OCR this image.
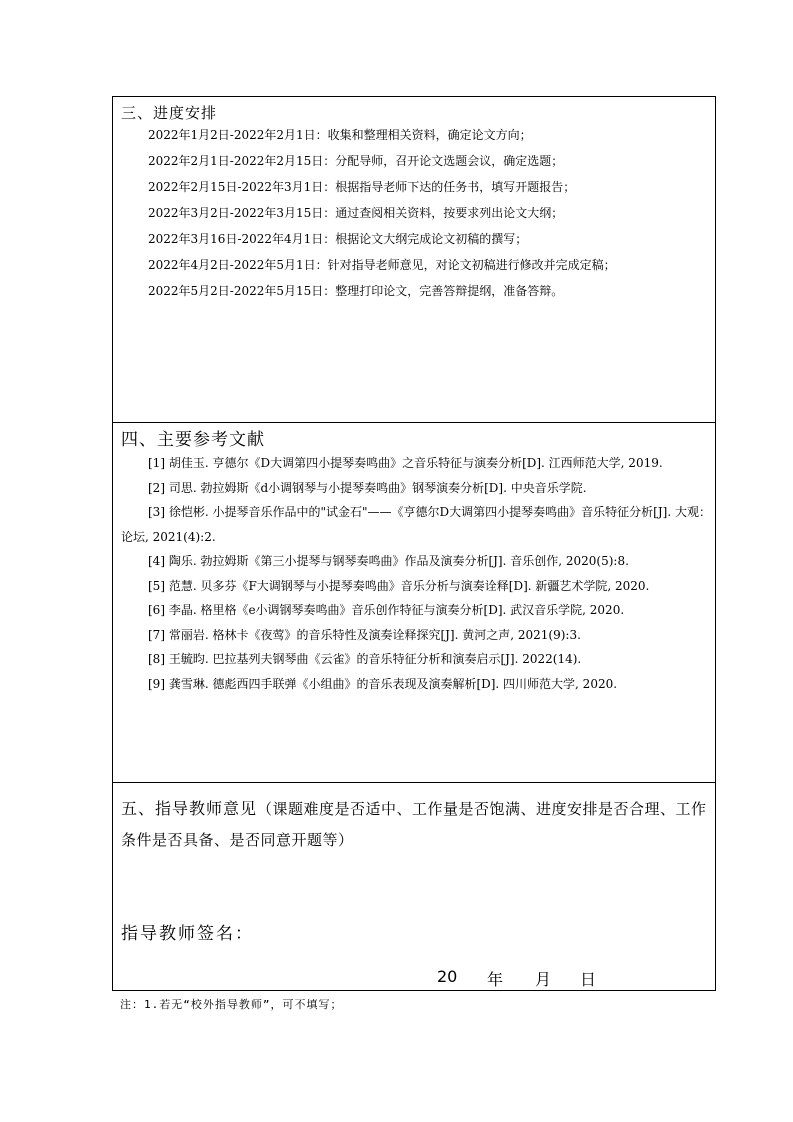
三、进度安排
2022年1月2日-2022年2月1日：收集和整理相关资料，确定论文方向；
2022年2月1日-2022年2月15日：分配导师，召开论文选题会议，确定选题；
2022年2月15日-2022年3月1日：根据指导老师下达的任务书，填写开题报告；
2022年3月2日-2022年3月15日：通过查阅相关资料，按要求列出论文大纲；
2022年3月16日-2022年4月1日：根据论文大纲完成论文初稿的撰写；
2022年4月2日-2022年5月1日：针对指导老师意见，对论文初稿进行修改并完成定稿；
2022年5月2日-2022年5月15日：整理打印论文，完善答辩提纲，准备答辩。
四、主要参考文献
[1] 胡佳玉. 亨德尔《D大调第四小提琴奏鸣曲》之音乐特征与演奏分析[D]. 江西师范大学, 2019.
[2] 司思. 勃拉姆斯《d小调钢琴与小提琴奏鸣曲》钢琴演奏分析[D]. 中央音乐学院.
[3] 徐恺彬. 小提琴音乐作品中的"试金石"——《亨德尔D大调第四小提琴奏鸣曲》音乐特征分析[J]. 大观：论坛, 2021(4):2.
[4] 陶乐. 勃拉姆斯《第三小提琴与钢琴奏鸣曲》作品及演奏分析[J]. 音乐创作, 2020(5):8.
[5] 范慧. 贝多芬《F大调钢琴与小提琴奏鸣曲》音乐分析与演奏诠释[D]. 新疆艺术学院, 2020.
[6] 李晶. 格里格《e小调钢琴奏鸣曲》音乐创作特征与演奏分析[D]. 武汉音乐学院, 2020.
[7] 常丽岩. 格林卡《夜莺》的音乐特性及演奏诠释探究[J]. 黄河之声, 2021(9):3.
[8] 王毓昀. 巴拉基列夫钢琴曲《云雀》的音乐特征分析和演奏启示[J]. 2022(14).
[9] 龚雪琳. 德彪西四手联弹《小组曲》的音乐表现及演奏解析[D]. 四川师范大学, 2020.
五、指导教师意见（课题难度是否适中、工作量是否饱满、进度安排是否合理、工作条件是否具备、是否同意开题等）
指导教师签名：
20 年 月 日
注：1.若无“校外指导教师”，可不填写；
